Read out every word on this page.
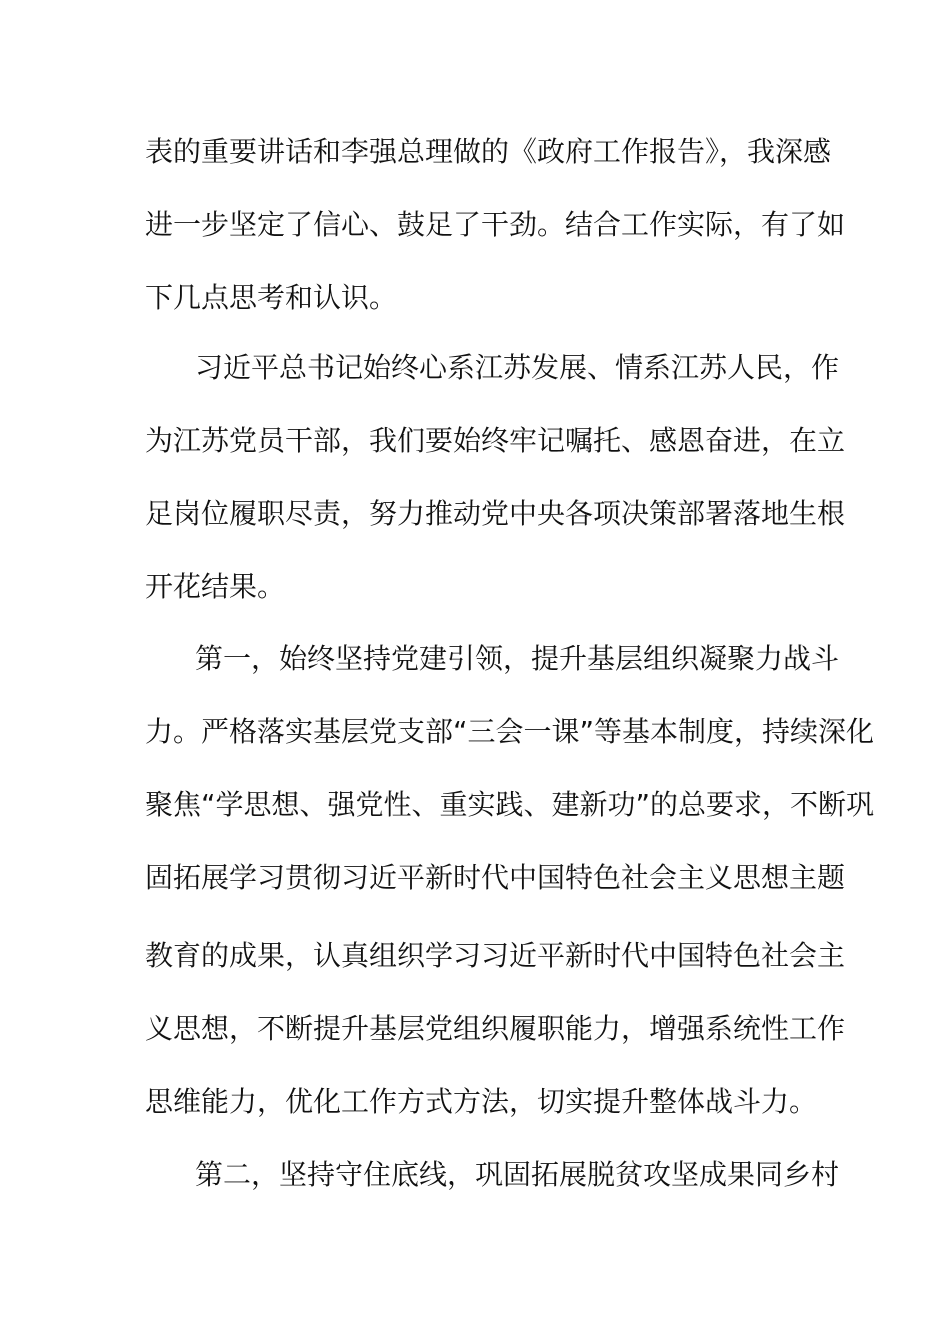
表的重要讲话和李强总理做的《政府工作报告》，我深感
进一步坚定了信心、鼓足了干劲。结合工作实际，有了如
下几点思考和认识。
习近平总书记始终心系江苏发展、情系江苏人民，作
为江苏党员干部，我们要始终牢记嘱托、感恩奋进，在立
足岗位履职尽责，努力推动党中央各项决策部署落地生根
开花结果。
第一，始终坚持党建引领，提升基层组织凝聚力战斗
力。严格落实基层党支部“三会一课”等基本制度，持续深化
聚焦“学思想、强党性、重实践、建新功”的总要求，不断巩
固拓展学习贯彻习近平新时代中国特色社会主义思想主题
教育的成果，认真组织学习习近平新时代中国特色社会主
义思想，不断提升基层党组织履职能力，增强系统性工作
思维能力，优化工作方式方法，切实提升整体战斗力。
第二，坚持守住底线，巩固拓展脱贫攻坚成果同乡村
